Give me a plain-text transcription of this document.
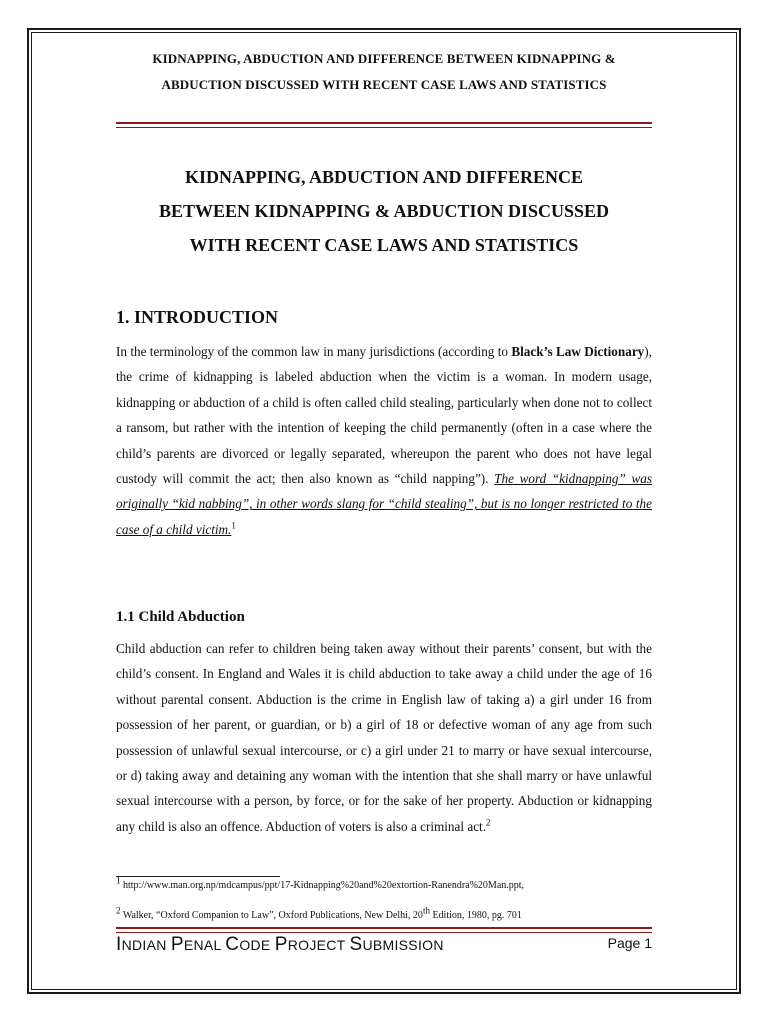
KIDNAPPING, ABDUCTION AND DIFFERENCE BETWEEN KIDNAPPING &
ABDUCTION DISCUSSED WITH RECENT CASE LAWS AND STATISTICS
KIDNAPPING, ABDUCTION AND DIFFERENCE
BETWEEN KIDNAPPING & ABDUCTION DISCUSSED
WITH RECENT CASE LAWS AND STATISTICS
1. INTRODUCTION
In the terminology of the common law in many jurisdictions (according to Black’s Law Dictionary), the crime of kidnapping is labeled abduction when the victim is a woman. In modern usage, kidnapping or abduction of a child is often called child stealing, particularly when done not to collect a ransom, but rather with the intention of keeping the child permanently (often in a case where the child’s parents are divorced or legally separated, whereupon the parent who does not have legal custody will commit the act; then also known as “child napping”). The word “kidnapping” was originally “kid nabbing”, in other words slang for “child stealing”, but is no longer restricted to the case of a child victim.$^1$
1.1 Child Abduction
Child abduction can refer to children being taken away without their parents’ consent, but with the child’s consent. In England and Wales it is child abduction to take away a child under the age of 16 without parental consent. Abduction is the crime in English law of taking a) a girl under 16 from possession of her parent, or guardian, or b) a girl of 18 or defective woman of any age from such possession of unlawful sexual intercourse, or c) a girl under 21 to marry or have sexual intercourse, or d) taking away and detaining any woman with the intention that she shall marry or have unlawful sexual intercourse with a person, by force, or for the sake of her property. Abduction or kidnapping any child is also an offence. Abduction of voters is also a criminal act.$^2$
$^1$ http://www.man.org.np/mdcampus/ppt/17-Kidnapping%20and%20extortion-Ranendra%20Man.ppt,
$^2$ Walker, “Oxford Companion to Law”, Oxford Publications, New Delhi, 20th Edition, 1980, pg. 701
INDIAN PENAL CODE PROJECT SUBMISSION	Page 1
